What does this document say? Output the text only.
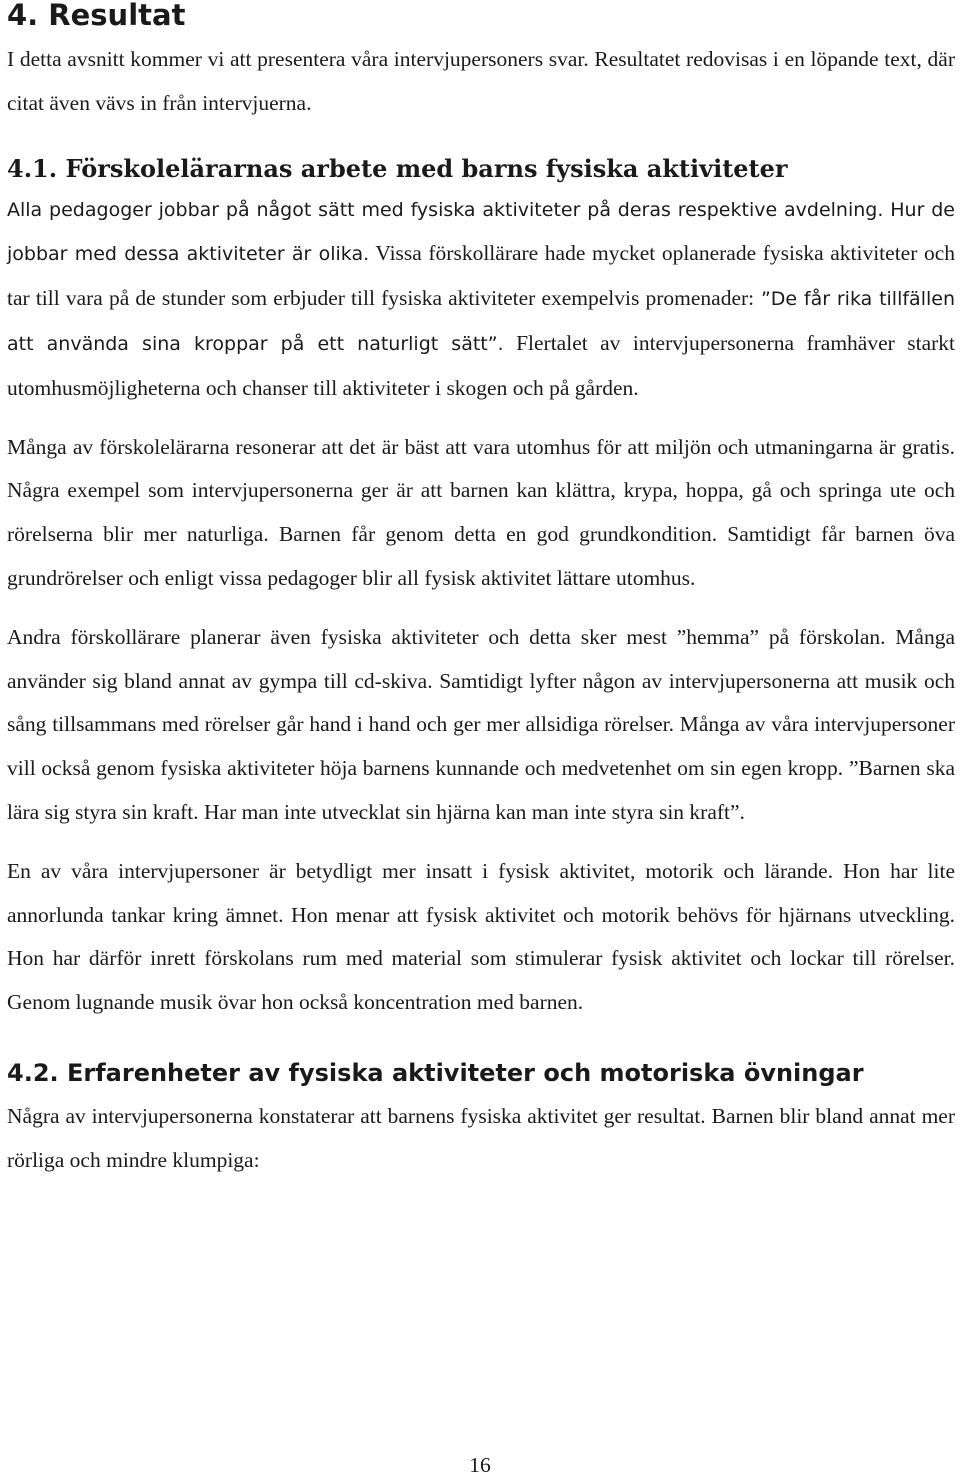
4. Resultat

I detta avsnitt kommer vi att presentera våra intervjupersoners svar. Resultatet redovisas i en löpande text, där citat även vävs in från intervjuerna.

4.1. Förskolelärarnas arbete med barns fysiska aktiviteter

Alla pedagoger jobbar på något sätt med fysiska aktiviteter på deras respektive avdelning. Hur de jobbar med dessa aktiviteter är olika. Vissa förskollärare hade mycket oplanerade fysiska aktiviteter och tar till vara på de stunder som erbjuder till fysiska aktiviteter exempelvis promenader: ”De får rika tillfällen att använda sina kroppar på ett naturligt sätt”. Flertalet av intervjupersonerna framhäver starkt utomhusmöjligheterna och chanser till aktiviteter i skogen och på gården.

Många av förskolelärarna resonerar att det är bäst att vara utomhus för att miljön och utmaningarna är gratis. Några exempel som intervjupersonerna ger är att barnen kan klättra, krypa, hoppa, gå och springa ute och rörelserna blir mer naturliga. Barnen får genom detta en god grundkondition. Samtidigt får barnen öva grundrörelser och enligt vissa pedagoger blir all fysisk aktivitet lättare utomhus.

Andra förskollärare planerar även fysiska aktiviteter och detta sker mest ”hemma” på förskolan. Många använder sig bland annat av gympa till cd-skiva. Samtidigt lyfter någon av intervjupersonerna att musik och sång tillsammans med rörelser går hand i hand och ger mer allsidiga rörelser. Många av våra intervjupersoner vill också genom fysiska aktiviteter höja barnens kunnande och medvetenhet om sin egen kropp. ”Barnen ska lära sig styra sin kraft. Har man inte utvecklat sin hjärna kan man inte styra sin kraft”.

En av våra intervjupersoner är betydligt mer insatt i fysisk aktivitet, motorik och lärande. Hon har lite annorlunda tankar kring ämnet. Hon menar att fysisk aktivitet och motorik behövs för hjärnans utveckling. Hon har därför inrett förskolans rum med material som stimulerar fysisk aktivitet och lockar till rörelser. Genom lugnande musik övar hon också koncentration med barnen.

4.2. Erfarenheter av fysiska aktiviteter och motoriska övningar

Några av intervjupersonerna konstaterar att barnens fysiska aktivitet ger resultat. Barnen blir bland annat mer rörliga och mindre klumpiga:

16
